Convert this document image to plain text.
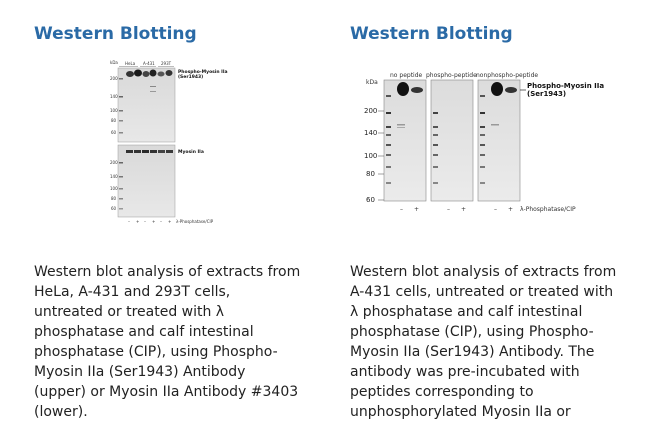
Western Blotting
kDa HeLa A-431 293T
Phospho-Myosin IIa
(Ser1943)
200
140
100
80
60
Myosin IIa
200
140
100
80
60
– + – + – + λ-Phosphatase/CIP
Western blot analysis of extracts from
HeLa, A-431 and 293T cells,
untreated or treated with λ
phosphatase and calf intestinal
phosphatase (CIP), using Phospho-
Myosin IIa (Ser1943) Antibody
(upper) or Myosin IIa Antibody #3403
(lower).
Western Blotting
kDa
no peptide phospho-peptide nonphospho-peptide
Phospho-Myosin IIa
(Ser1943)
200
140
100
80
60
– +	– +	– + λ-Phosphatase/CIP
Western blot analysis of extracts from
A-431 cells, untreated or treated with
λ phosphatase and calf intestinal
phosphatase (CIP), using Phospho-
Myosin IIa (Ser1943) Antibody. The
antibody was pre-incubated with
peptides corresponding to
unphosphorylated Myosin IIa or
